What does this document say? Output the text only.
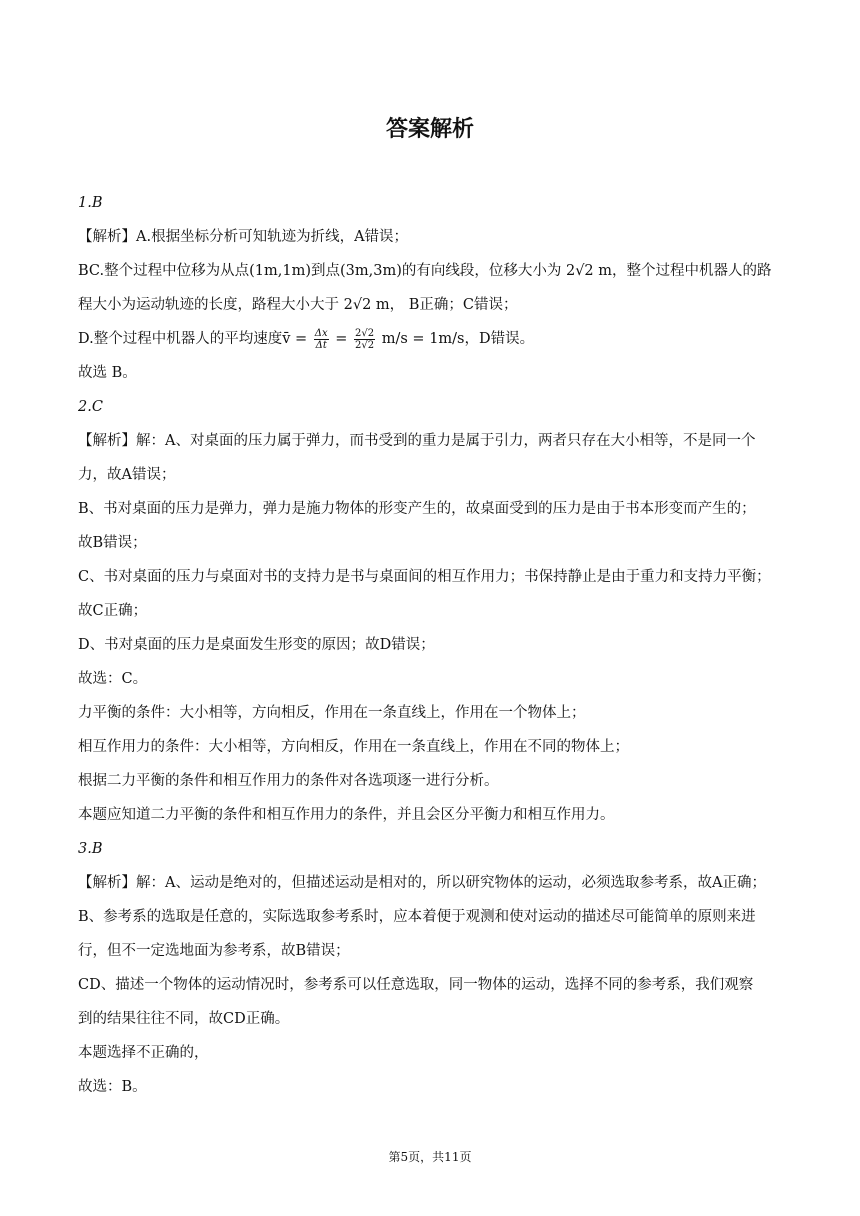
答案解析
1.B
【解析】A.根据坐标分析可知轨迹为折线，A错误；
BC.整个过程中位移为从点(1m,1m)到点(3m,3m)的有向线段，位移大小为 2√2 m，整个过程中机器人的路
程大小为运动轨迹的长度，路程大小大于 2√2 m， B正确；C错误；
D.整个过程中机器人的平均速度v̄ = $\frac{\Delta x}{\Delta t} = \frac{2√2}{2√2} m/s = 1m/s$，D错误。
故选 B。
2.C
【解析】解：A、对桌面的压力属于弹力，而书受到的重力是属于引力，两者只存在大小相等，不是同一个
力，故A错误；
B、书对桌面的压力是弹力，弹力是施力物体的形变产生的，故桌面受到的压力是由于书本形变而产生的；
故B错误；
C、书对桌面的压力与桌面对书的支持力是书与桌面间的相互作用力；书保持静止是由于重力和支持力平衡；
故C正确；
D、书对桌面的压力是桌面发生形变的原因；故D错误；
故选：C。
力平衡的条件：大小相等，方向相反，作用在一条直线上，作用在一个物体上；
相互作用力的条件：大小相等，方向相反，作用在一条直线上，作用在不同的物体上；
根据二力平衡的条件和相互作用力的条件对各选项逐一进行分析。
本题应知道二力平衡的条件和相互作用力的条件，并且会区分平衡力和相互作用力。
3.B
【解析】解：A、运动是绝对的，但描述运动是相对的，所以研究物体的运动，必须选取参考系，故A正确；
B、参考系的选取是任意的，实际选取参考系时，应本着便于观测和使对运动的描述尽可能简单的原则来进
行，但不一定选地面为参考系，故B错误；
CD、描述一个物体的运动情况时，参考系可以任意选取，同一物体的运动，选择不同的参考系，我们观察
到的结果往往不同，故CD正确。
本题选择不正确的，
故选：B。
第5页，共11页
